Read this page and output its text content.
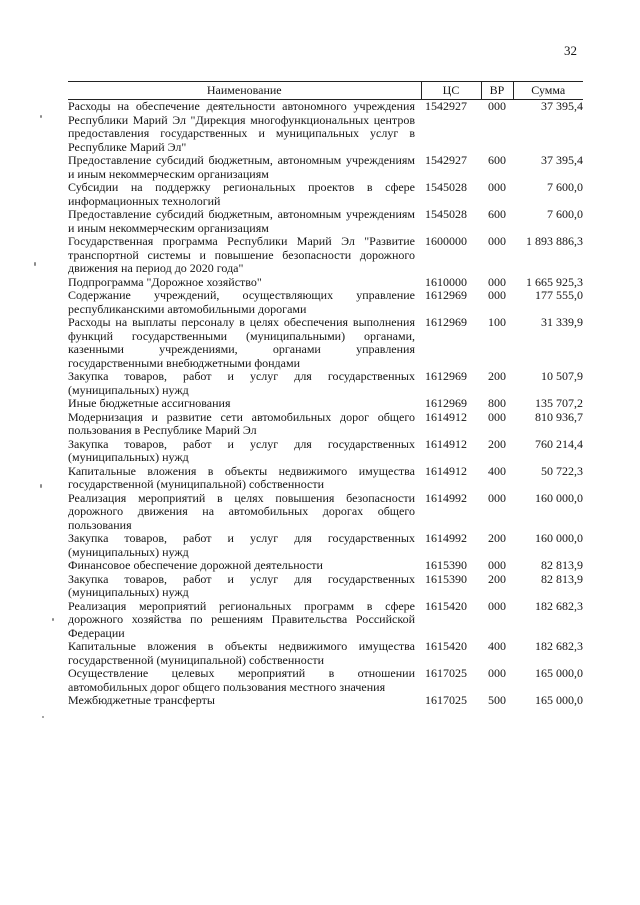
32
Наименование	ЦС	ВР	Сумма
Расходы на обеспечение деятельности автономного учреждения Республики Марий Эл "Дирекция многофункциональных центров предоставления государственных и муниципальных услуг в Республике Марий Эл"	1542927	000	37 395,4
Предоставление субсидий бюджетным, автономным учреждениям и иным некоммерческим организациям	1542927	600	37 395,4
Субсидии на поддержку региональных проектов в сфере информационных технологий	1545028	000	7 600,0
Предоставление субсидий бюджетным, автономным учреждениям и иным некоммерческим организациям	1545028	600	7 600,0
Государственная программа Республики Марий Эл "Развитие транспортной системы и повышение безопасности дорожного движения на период до 2020 года"	1600000	000	1 893 886,3
Подпрограмма "Дорожное хозяйство"	1610000	000	1 665 925,3
Содержание учреждений, осуществляющих управление республиканскими автомобильными дорогами	1612969	000	177 555,0
Расходы на выплаты персоналу в целях обеспечения выполнения функций государственными (муниципальными) органами, казенными учреждениями, органами управления государственными внебюджетными фондами	1612969	100	31 339,9
Закупка товаров, работ и услуг для государственных (муниципальных) нужд	1612969	200	10 507,9
Иные бюджетные ассигнования	1612969	800	135 707,2
Модернизация и развитие сети автомобильных дорог общего пользования в Республике Марий Эл	1614912	000	810 936,7
Закупка товаров, работ и услуг для государственных (муниципальных) нужд	1614912	200	760 214,4
Капитальные вложения в объекты недвижимого имущества государственной (муниципальной) собственности	1614912	400	50 722,3
Реализация мероприятий в целях повышения безопасности дорожного движения на автомобильных дорогах общего пользования	1614992	000	160 000,0
Закупка товаров, работ и услуг для государственных (муниципальных) нужд	1614992	200	160 000,0
Финансовое обеспечение дорожной деятельности	1615390	000	82 813,9
Закупка товаров, работ и услуг для государственных (муниципальных) нужд	1615390	200	82 813,9
Реализация мероприятий региональных программ в сфере дорожного хозяйства по решениям Правительства Российской Федерации	1615420	000	182 682,3
Капитальные вложения в объекты недвижимого имущества государственной (муниципальной) собственности	1615420	400	182 682,3
Осуществление целевых мероприятий в отношении автомобильных дорог общего пользования местного значения	1617025	000	165 000,0
Межбюджетные трансферты	1617025	500	165 000,0
